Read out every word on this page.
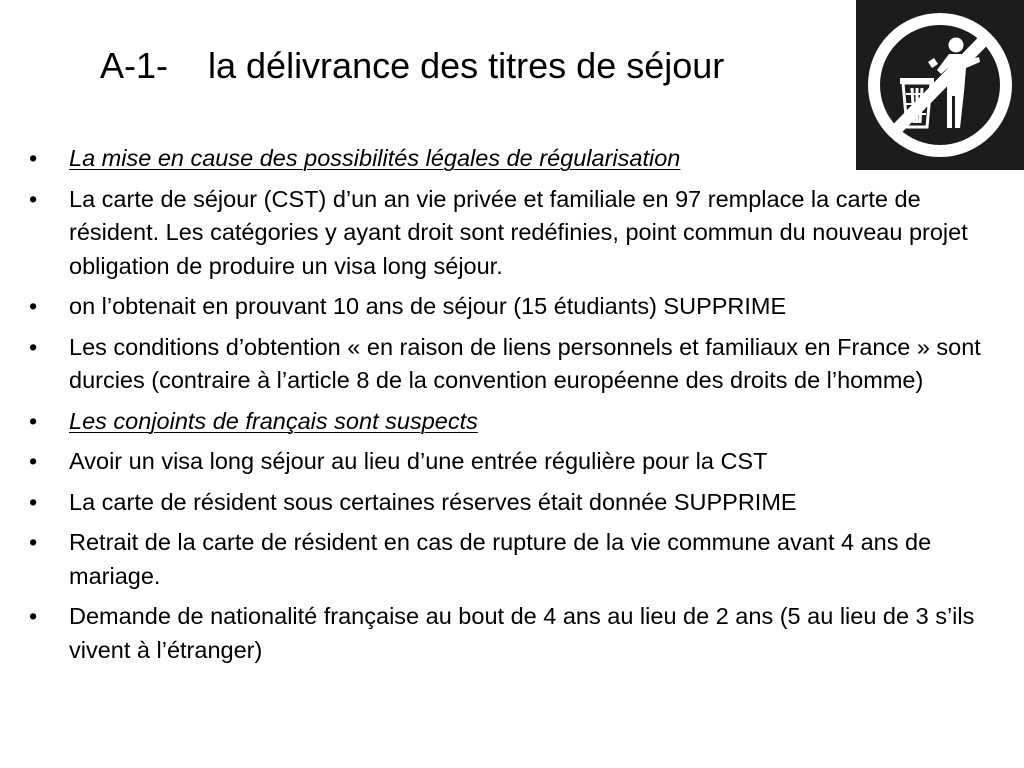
A-1- la délivrance des titres de séjour
• La mise en cause des possibilités légales de régularisation
• La carte de séjour (CST) d’un an vie privée et familiale en 97 remplace la carte de résident. Les catégories y ayant droit sont redéfinies, point commun du nouveau projet obligation de produire un visa long séjour.
• on l’obtenait en prouvant 10 ans de séjour (15 étudiants) SUPPRIME
• Les conditions d’obtention « en raison de liens personnels et familiaux en France » sont durcies (contraire à l’article 8 de la convention européenne des droits de l’homme)
• Les conjoints de français sont suspects
• Avoir un visa long séjour au lieu d’une entrée régulière pour la CST
• La carte de résident sous certaines réserves était donnée SUPPRIME
• Retrait de la carte de résident en cas de rupture de la vie commune avant 4 ans de mariage.
• Demande de nationalité française au bout de 4 ans au lieu de 2 ans (5 au lieu de 3 s’ils vivent à l’étranger)
